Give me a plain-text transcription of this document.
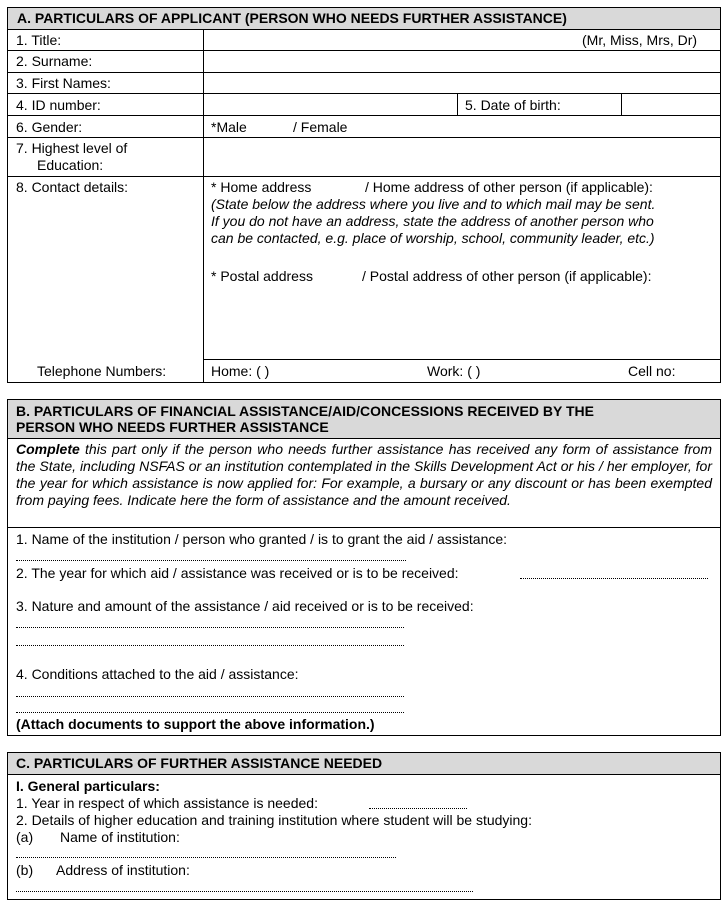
A. PARTICULARS OF APPLICANT (PERSON WHO NEEDS FURTHER ASSISTANCE)
1. Title:	(Mr, Miss, Mrs, Dr)
2. Surname:
3. First Names:
4. ID number:	5. Date of birth:
6. Gender:	*Male	/ Female
7. Highest level of
Education:
8. Contact details:	* Home address	/ Home address of other person (if applicable):
(State below the address where you live and to which mail may be sent.
If you do not have an address, state the address of another person who
can be contacted, e.g. place of worship, school, community leader, etc.)
* Postal address	/ Postal address of other person (if applicable):
Telephone Numbers:	Home: ( )	Work: ( )	Cell no:
B. PARTICULARS OF FINANCIAL ASSISTANCE/AID/CONCESSIONS RECEIVED BY THE
PERSON WHO NEEDS FURTHER ASSISTANCE
Complete this part only if the person who needs further assistance has received any form of assistance from the State, including NSFAS or an institution contemplated in the Skills Development Act or his / her employer, for the year for which assistance is now applied for: For example, a bursary or any discount or has been exempted from paying fees. Indicate here the form of assistance and the amount received.
1. Name of the institution / person who granted / is to grant the aid / assistance:
2. The year for which aid / assistance was received or is to be received:
3. Nature and amount of the assistance / aid received or is to be received:
4. Conditions attached to the aid / assistance:
(Attach documents to support the above information.)
C. PARTICULARS OF FURTHER ASSISTANCE NEEDED
I. General particulars:
1. Year in respect of which assistance is needed:
2. Details of higher education and training institution where student will be studying:
(a) Name of institution:
(b) Address of institution:
